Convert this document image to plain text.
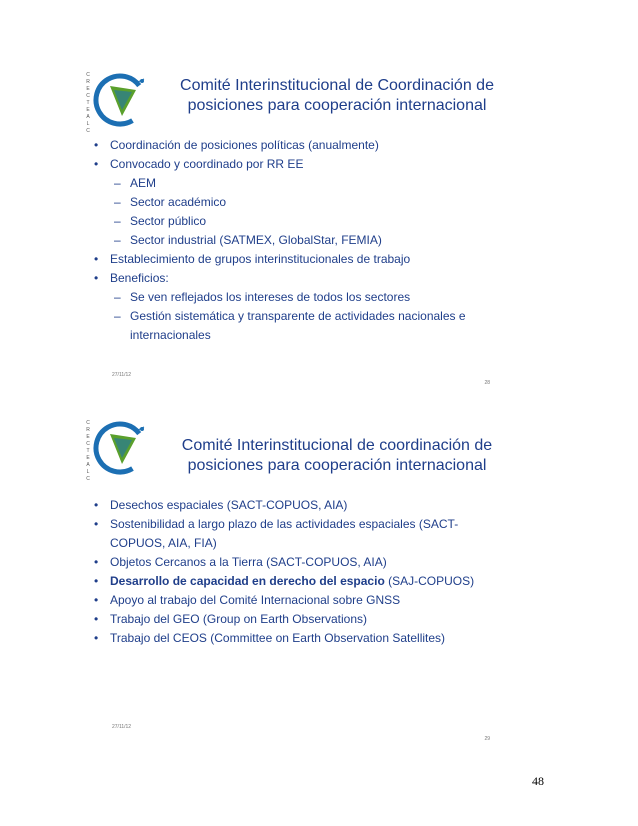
CRECTEALC
Comité Interinstitucional de Coordinación de
posiciones para cooperación internacional
• Coordinación de posiciones políticas (anualmente)
• Convocado y coordinado por RR EE
– AEM
– Sector académico
– Sector público
– Sector industrial (SATMEX, GlobalStar, FEMIA)
• Establecimiento de grupos interinstitucionales de trabajo
• Beneficios:
– Se ven reflejados los intereses de todos los sectores
– Gestión sistemática y transparente de actividades nacionales e
internacionales
27/11/12
28
CRECTEALC
Comité Interinstitucional de coordinación de
posiciones para cooperación internacional
• Desechos espaciales (SACT-COPUOS, AIA)
• Sostenibilidad a largo plazo de las actividades espaciales (SACT-
COPUOS, AIA, FIA)
• Objetos Cercanos a la Tierra (SACT-COPUOS, AIA)
• Desarrollo de capacidad en derecho del espacio (SAJ-COPUOS)
• Apoyo al trabajo del Comité Internacional sobre GNSS
• Trabajo del GEO (Group on Earth Observations)
• Trabajo del CEOS (Committee on Earth Observation Satellites)
27/11/12
29
48
